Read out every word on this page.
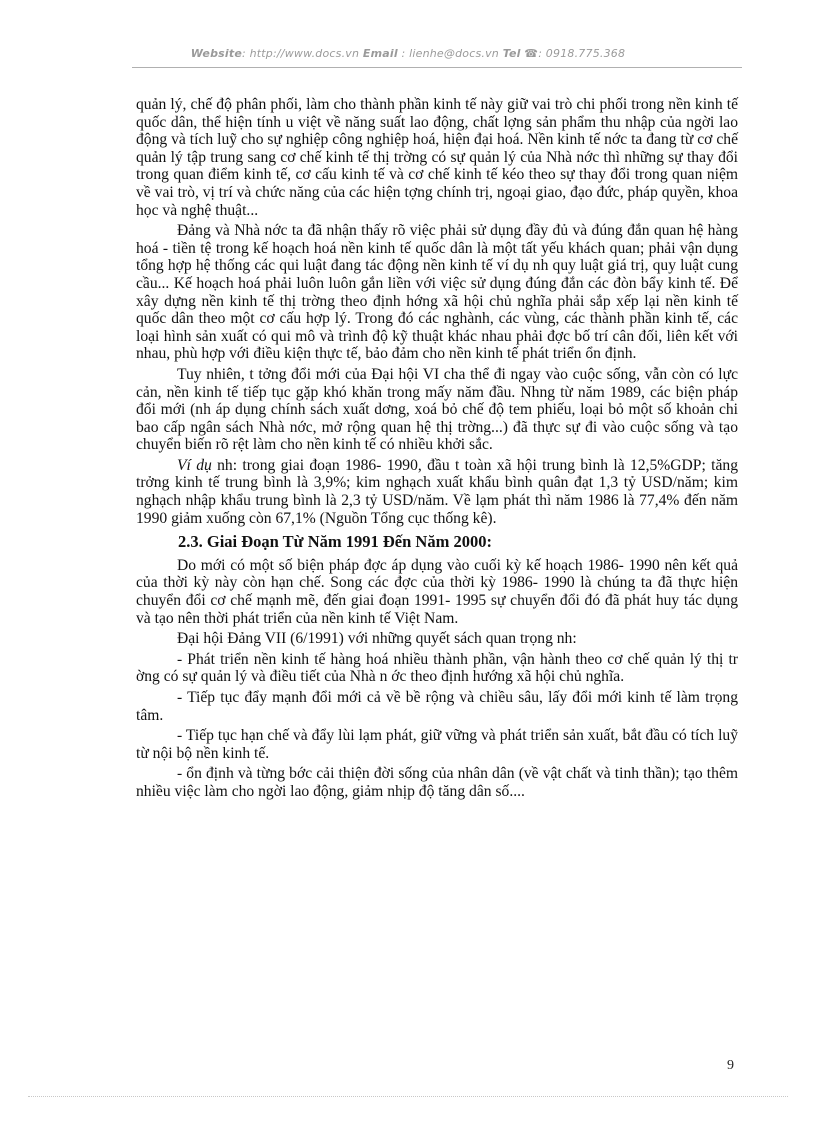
Website: http://www.docs.vn Email : lienhe@docs.vn Tel ☎: 0918.775.368

quản lý, chế độ phân phối, làm cho thành phần kinh tế này giữ vai trò chi phối trong nền kinh tế quốc dân, thể hiện tính u việt về năng suất lao động, chất lợng sản phẩm thu nhập của ngời lao động và tích luỹ cho sự nghiệp công nghiệp hoá, hiện đại hoá. Nền kinh tế nớc ta đang từ cơ chế quản lý tập trung sang cơ chế kinh tế thị trờng có sự quản lý của Nhà nớc thì những sự thay đổi trong quan điểm kinh tế, cơ cấu kinh tế và cơ chế kinh tế kéo theo sự thay đổi trong quan niệm về vai trò, vị trí và chức năng của các hiện tợng chính trị, ngoại giao, đạo đức, pháp quyền, khoa học và nghệ thuật...

Đảng và Nhà nớc ta đã nhận thấy rõ việc phải sử dụng đầy đủ và đúng đắn quan hệ hàng hoá - tiền tệ trong kế hoạch hoá nền kinh tế quốc dân là một tất yếu khách quan; phải vận dụng tổng hợp hệ thống các qui luật đang tác động nền kinh tế ví dụ nh quy luật giá trị, quy luật cung cầu... Kế hoạch hoá phải luôn luôn gắn liền với việc sử dụng đúng đắn các đòn bẩy kinh tế. Để xây dựng nền kinh tế thị trờng theo định hớng xã hội chủ nghĩa phải sắp xếp lại nền kinh tế quốc dân theo một cơ cấu hợp lý. Trong đó các nghành, các vùng, các thành phần kinh tế, các loại hình sản xuất có qui mô và trình độ kỹ thuật khác nhau phải đợc bố trí cân đối, liên kết với nhau, phù hợp với điều kiện thực tế, bảo đảm cho nền kinh tế phát triển ổn định.

Tuy nhiên, t tởng đổi mới của Đại hội VI cha thể đi ngay vào cuộc sống, vẫn còn có lực cản, nền kinh tế tiếp tục gặp khó khăn trong mấy năm đầu. Nhng từ năm 1989, các biện pháp đổi mới (nh áp dụng chính sách xuất dơng, xoá bỏ chế độ tem phiếu, loại bỏ một số khoản chi bao cấp ngân sách Nhà nớc, mở rộng quan hệ thị trờng...) đã thực sự đi vào cuộc sống và tạo chuyển biến rõ rệt làm cho nền kinh tế có nhiều khởi sắc.

Ví dụ nh: trong giai đoạn 1986- 1990, đầu t toàn xã hội trung bình là 12,5%GDP; tăng trởng kinh tế trung bình là 3,9%; kim nghạch xuất khẩu bình quân đạt 1,3 tỷ USD/năm; kim nghạch nhập khẩu trung bình là 2,3 tỷ USD/năm. Về lạm phát thì năm 1986 là 77,4% đến năm 1990 giảm xuống còn 67,1% (Nguồn Tổng cục thống kê).

2.3. Giai Đoạn Từ Năm 1991 Đến Năm 2000:

Do mới có một số biện pháp đợc áp dụng vào cuối kỳ kế hoạch 1986- 1990 nên kết quả của thời kỳ này còn hạn chế. Song các đợc của thời kỳ 1986- 1990 là chúng ta đã thực hiện chuyển đổi cơ chế mạnh mẽ, đến giai đoạn 1991- 1995 sự chuyển đổi đó đã phát huy tác dụng và tạo nên thời phát triển của nền kinh tế Việt Nam.

Đại hội Đảng VII (6/1991) với những quyết sách quan trọng nh:

- Phát triển nền kinh tế hàng hoá nhiều thành phần, vận hành theo cơ chế quản lý thị tr ờng có sự quản lý và điều tiết của Nhà n ớc theo định hướng xã hội chủ nghĩa.

- Tiếp tục đẩy mạnh đổi mới cả về bề rộng và chiều sâu, lấy đổi mới kinh tế làm trọng tâm.

- Tiếp tục hạn chế và đẩy lùi lạm phát, giữ vững và phát triển sản xuất, bắt đầu có tích luỹ từ nội bộ nền kinh tế.

- ổn định và từng bớc cải thiện đời sống của nhân dân (về vật chất và tinh thần); tạo thêm nhiều việc làm cho ngời lao động, giảm nhịp độ tăng dân số....

9
